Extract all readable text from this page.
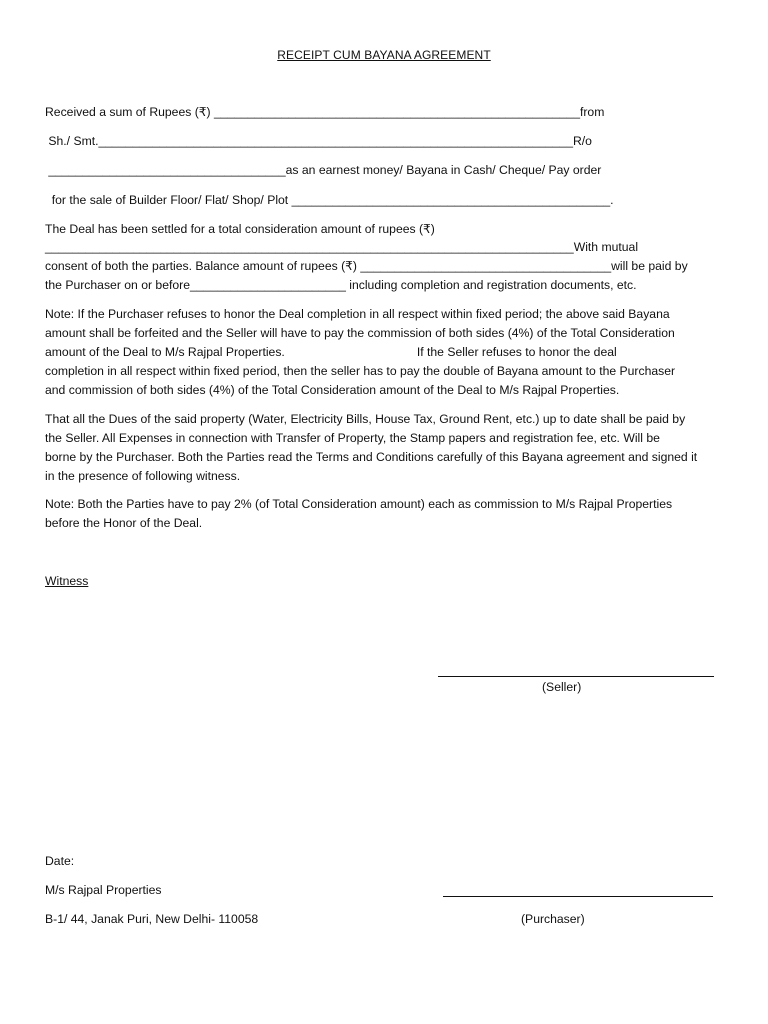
RECEIPT CUM BAYANA AGREEMENT
Received a sum of Rupees (₹) ______________________________________________________from
Sh./ Smt.______________________________________________________________________R/o
___________________________________as an earnest money/ Bayana in Cash/ Cheque/ Pay order
for the sale of Builder Floor/ Flat/ Shop/ Plot _______________________________________________.
The Deal has been settled for a total consideration amount of rupees (₹)
______________________________________________________________________________With mutual
consent of both the parties. Balance amount of rupees (₹) _____________________________________will be paid by
the Purchaser on or before_______________________ including completion and registration documents, etc.
Note: If the Purchaser refuses to honor the Deal completion in all respect within fixed period; the above said Bayana
amount shall be forfeited and the Seller will have to pay the commission of both sides (4%) of the Total Consideration
amount of the Deal to M/s Rajpal Properties.                                       If the Seller refuses to honor the deal
completion in all respect within fixed period, then the seller has to pay the double of Bayana amount to the Purchaser
and commission of both sides (4%) of the Total Consideration amount of the Deal to M/s Rajpal Properties.
That all the Dues of the said property (Water, Electricity Bills, House Tax, Ground Rent, etc.) up to date shall be paid by
the Seller. All Expenses in connection with Transfer of Property, the Stamp papers and registration fee, etc. Will be
borne by the Purchaser. Both the Parties read the Terms and Conditions carefully of this Bayana agreement and signed it
in the presence of following witness.
Note: Both the Parties have to pay 2% (of Total Consideration amount) each as commission to M/s Rajpal Properties
before the Honor of the Deal.
Witness
(Seller)
Date:
M/s Rajpal Properties
B-1/ 44, Janak Puri, New Delhi- 110058	(Purchaser)
